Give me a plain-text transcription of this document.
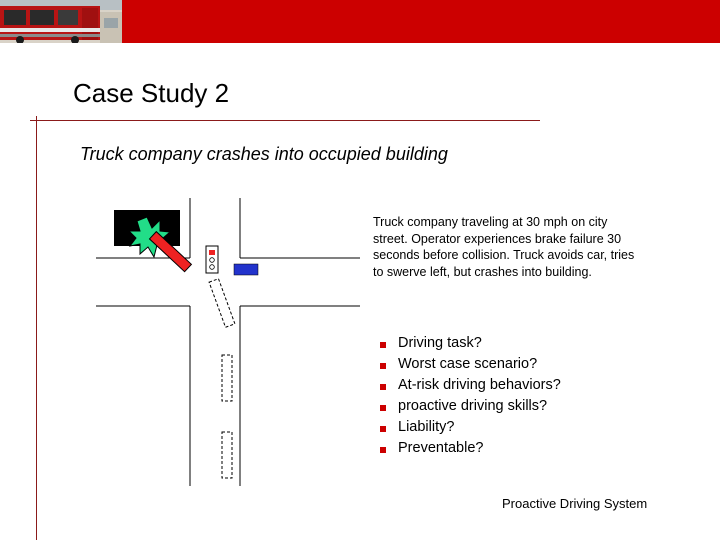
Case Study 2
Truck company crashes into occupied building
Truck company traveling at 30 mph on city street. Operator experiences brake failure 30 seconds before collision. Truck avoids car, tries to swerve left, but crashes into building.
Driving task?
Worst case scenario?
At-risk driving behaviors?
proactive driving skills?
Liability?
Preventable?
Proactive Driving System
